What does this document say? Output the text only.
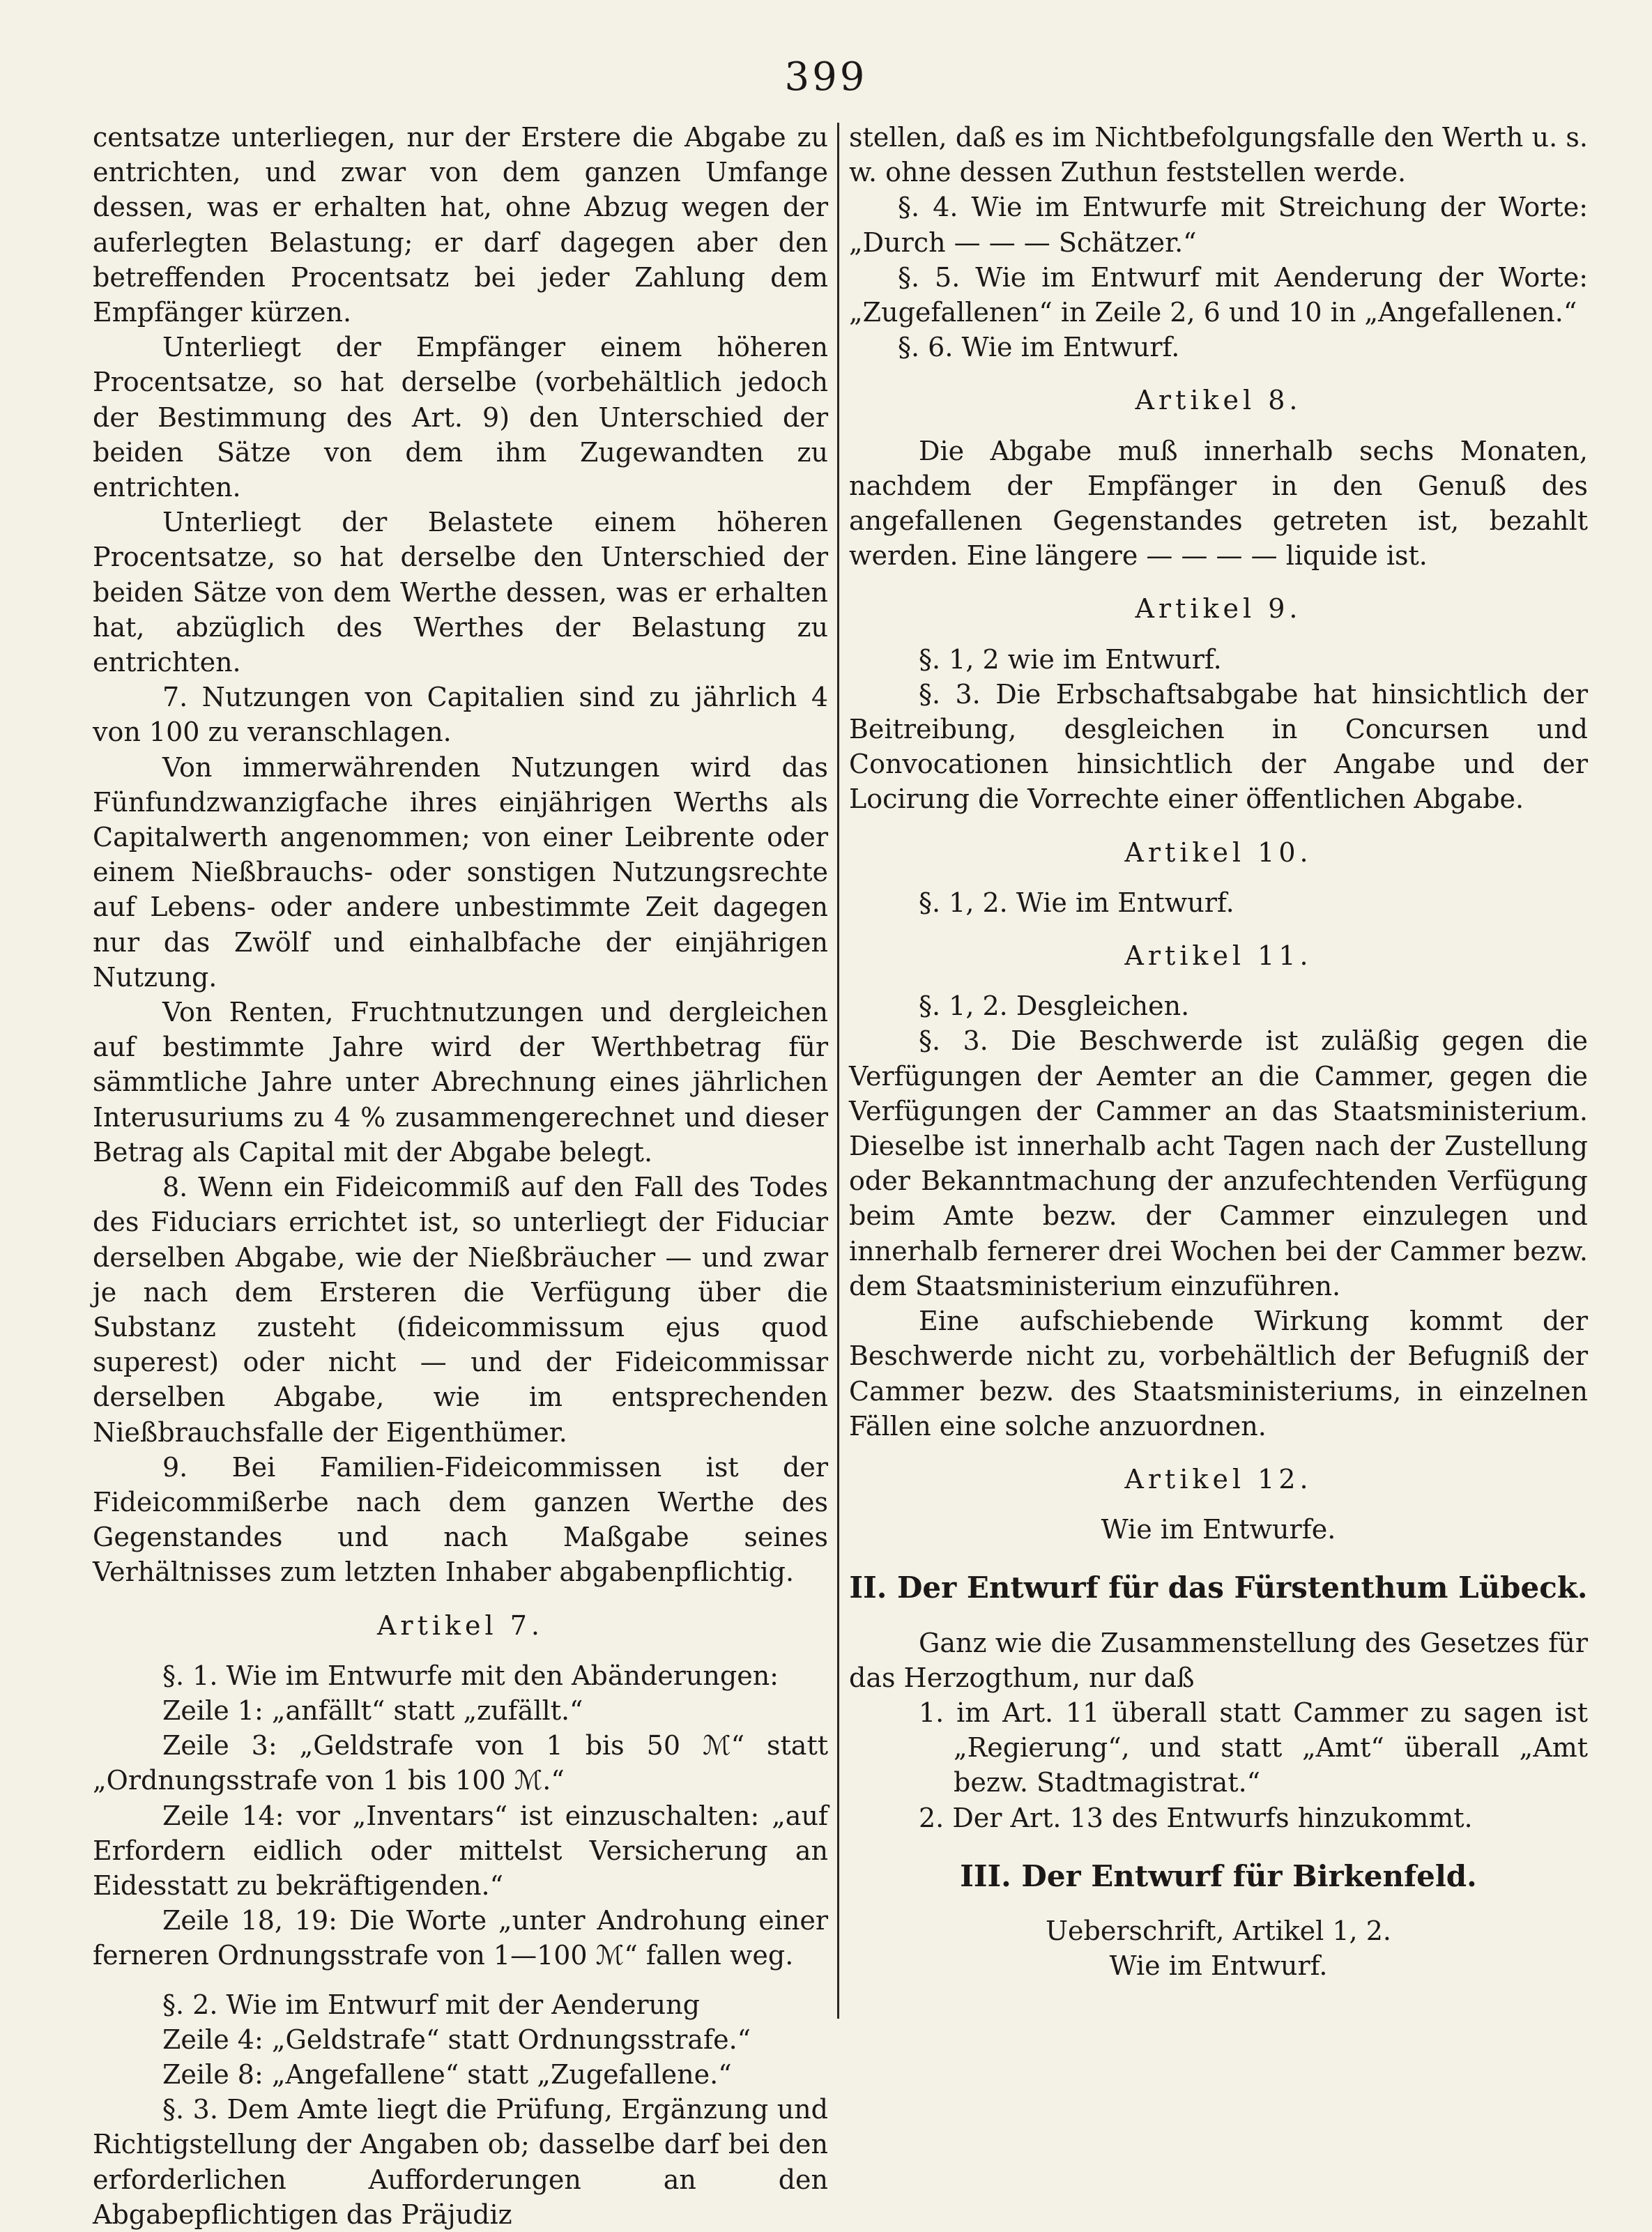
399

centsatze unterliegen, nur der Erstere die Abgabe zu entrichten, und zwar von dem ganzen Umfange dessen, was er erhalten hat, ohne Abzug wegen der auferlegten Belastung; er darf dagegen aber den betreffenden Procentsatz bei jeder Zahlung dem Empfänger kürzen.

Unterliegt der Empfänger einem höheren Procentsatze, so hat derselbe (vorbehältlich jedoch der Bestimmung des Art. 9) den Unterschied der beiden Sätze von dem ihm Zugewandten zu entrichten.

Unterliegt der Belastete einem höheren Procentsatze, so hat derselbe den Unterschied der beiden Sätze von dem Werthe dessen, was er erhalten hat, abzüglich des Werthes der Belastung zu entrichten.

7. Nutzungen von Capitalien sind zu jährlich 4 von 100 zu veranschlagen.

Von immerwährenden Nutzungen wird das Fünfundzwanzigfache ihres einjährigen Werths als Capitalwerth angenommen; von einer Leibrente oder einem Nießbrauchs- oder sonstigen Nutzungsrechte auf Lebens- oder andere unbestimmte Zeit dagegen nur das Zwölf und einhalbfache der einjährigen Nutzung.

Von Renten, Fruchtnutzungen und dergleichen auf bestimmte Jahre wird der Werthbetrag für sämmtliche Jahre unter Abrechnung eines jährlichen Interusuriums zu 4 % zusammengerechnet und dieser Betrag als Capital mit der Abgabe belegt.

8. Wenn ein Fideicommiß auf den Fall des Todes des Fiduciars errichtet ist, so unterliegt der Fiduciar derselben Abgabe, wie der Nießbräucher — und zwar je nach dem Ersteren die Verfügung über die Substanz zusteht (fideicommissum ejus quod superest) oder nicht — und der Fideicommissar derselben Abgabe, wie im entsprechenden Nießbrauchsfalle der Eigenthümer.

9. Bei Familien-Fideicommissen ist der Fideicommißerbe nach dem ganzen Werthe des Gegenstandes und nach Maßgabe seines Verhältnisses zum letzten Inhaber abgabenpflichtig.

Artikel 7.

§. 1. Wie im Entwurfe mit den Abänderungen:

Zeile 1: „anfällt“ statt „zufällt.“

Zeile 3: „Geldstrafe von 1 bis 50 ℳ“ statt „Ordnungsstrafe von 1 bis 100 ℳ.“

Zeile 14: vor „Inventars“ ist einzuschalten: „auf Erfordern eidlich oder mittelst Versicherung an Eidesstatt zu bekräftigenden.“

Zeile 18, 19: Die Worte „unter Androhung einer ferneren Ordnungsstrafe von 1—100 ℳ“ fallen weg.

§. 2. Wie im Entwurf mit der Aenderung

Zeile 4: „Geldstrafe“ statt Ordnungsstrafe.“

Zeile 8: „Angefallene“ statt „Zugefallene.“

§. 3. Dem Amte liegt die Prüfung, Ergänzung und Richtigstellung der Angaben ob; dasselbe darf bei den erforderlichen Aufforderungen an den Abgabepflichtigen das Präjudiz

stellen, daß es im Nichtbefolgungsfalle den Werth u. s. w. ohne dessen Zuthun feststellen werde.

§. 4. Wie im Entwurfe mit Streichung der Worte: „Durch — — — Schätzer.“

§. 5. Wie im Entwurf mit Aenderung der Worte: „Zugefallenen“ in Zeile 2, 6 und 10 in „Angefallenen.“

§. 6. Wie im Entwurf.

Artikel 8.

Die Abgabe muß innerhalb sechs Monaten, nachdem der Empfänger in den Genuß des angefallenen Gegenstandes getreten ist, bezahlt werden. Eine längere — — — — liquide ist.

Artikel 9.

§. 1, 2 wie im Entwurf.

§. 3. Die Erbschaftsabgabe hat hinsichtlich der Beitreibung, desgleichen in Concursen und Convocationen hinsichtlich der Angabe und der Locirung die Vorrechte einer öffentlichen Abgabe.

Artikel 10.

§. 1, 2. Wie im Entwurf.

Artikel 11.

§. 1, 2. Desgleichen.

§. 3. Die Beschwerde ist zuläßig gegen die Verfügungen der Aemter an die Cammer, gegen die Verfügungen der Cammer an das Staatsministerium. Dieselbe ist innerhalb acht Tagen nach der Zustellung oder Bekanntmachung der anzufechtenden Verfügung beim Amte bezw. der Cammer einzulegen und innerhalb fernerer drei Wochen bei der Cammer bezw. dem Staatsministerium einzuführen.

Eine aufschiebende Wirkung kommt der Beschwerde nicht zu, vorbehältlich der Befugniß der Cammer bezw. des Staatsministeriums, in einzelnen Fällen eine solche anzuordnen.

Artikel 12.

Wie im Entwurfe.

II. Der Entwurf für das Fürstenthum Lübeck.

Ganz wie die Zusammenstellung des Gesetzes für das Herzogthum, nur daß

1. im Art. 11 überall statt Cammer zu sagen ist „Regierung“, und statt „Amt“ überall „Amt bezw. Stadtmagistrat.“

2. Der Art. 13 des Entwurfs hinzukommt.

III. Der Entwurf für Birkenfeld.

Ueberschrift, Artikel 1, 2.

Wie im Entwurf.
